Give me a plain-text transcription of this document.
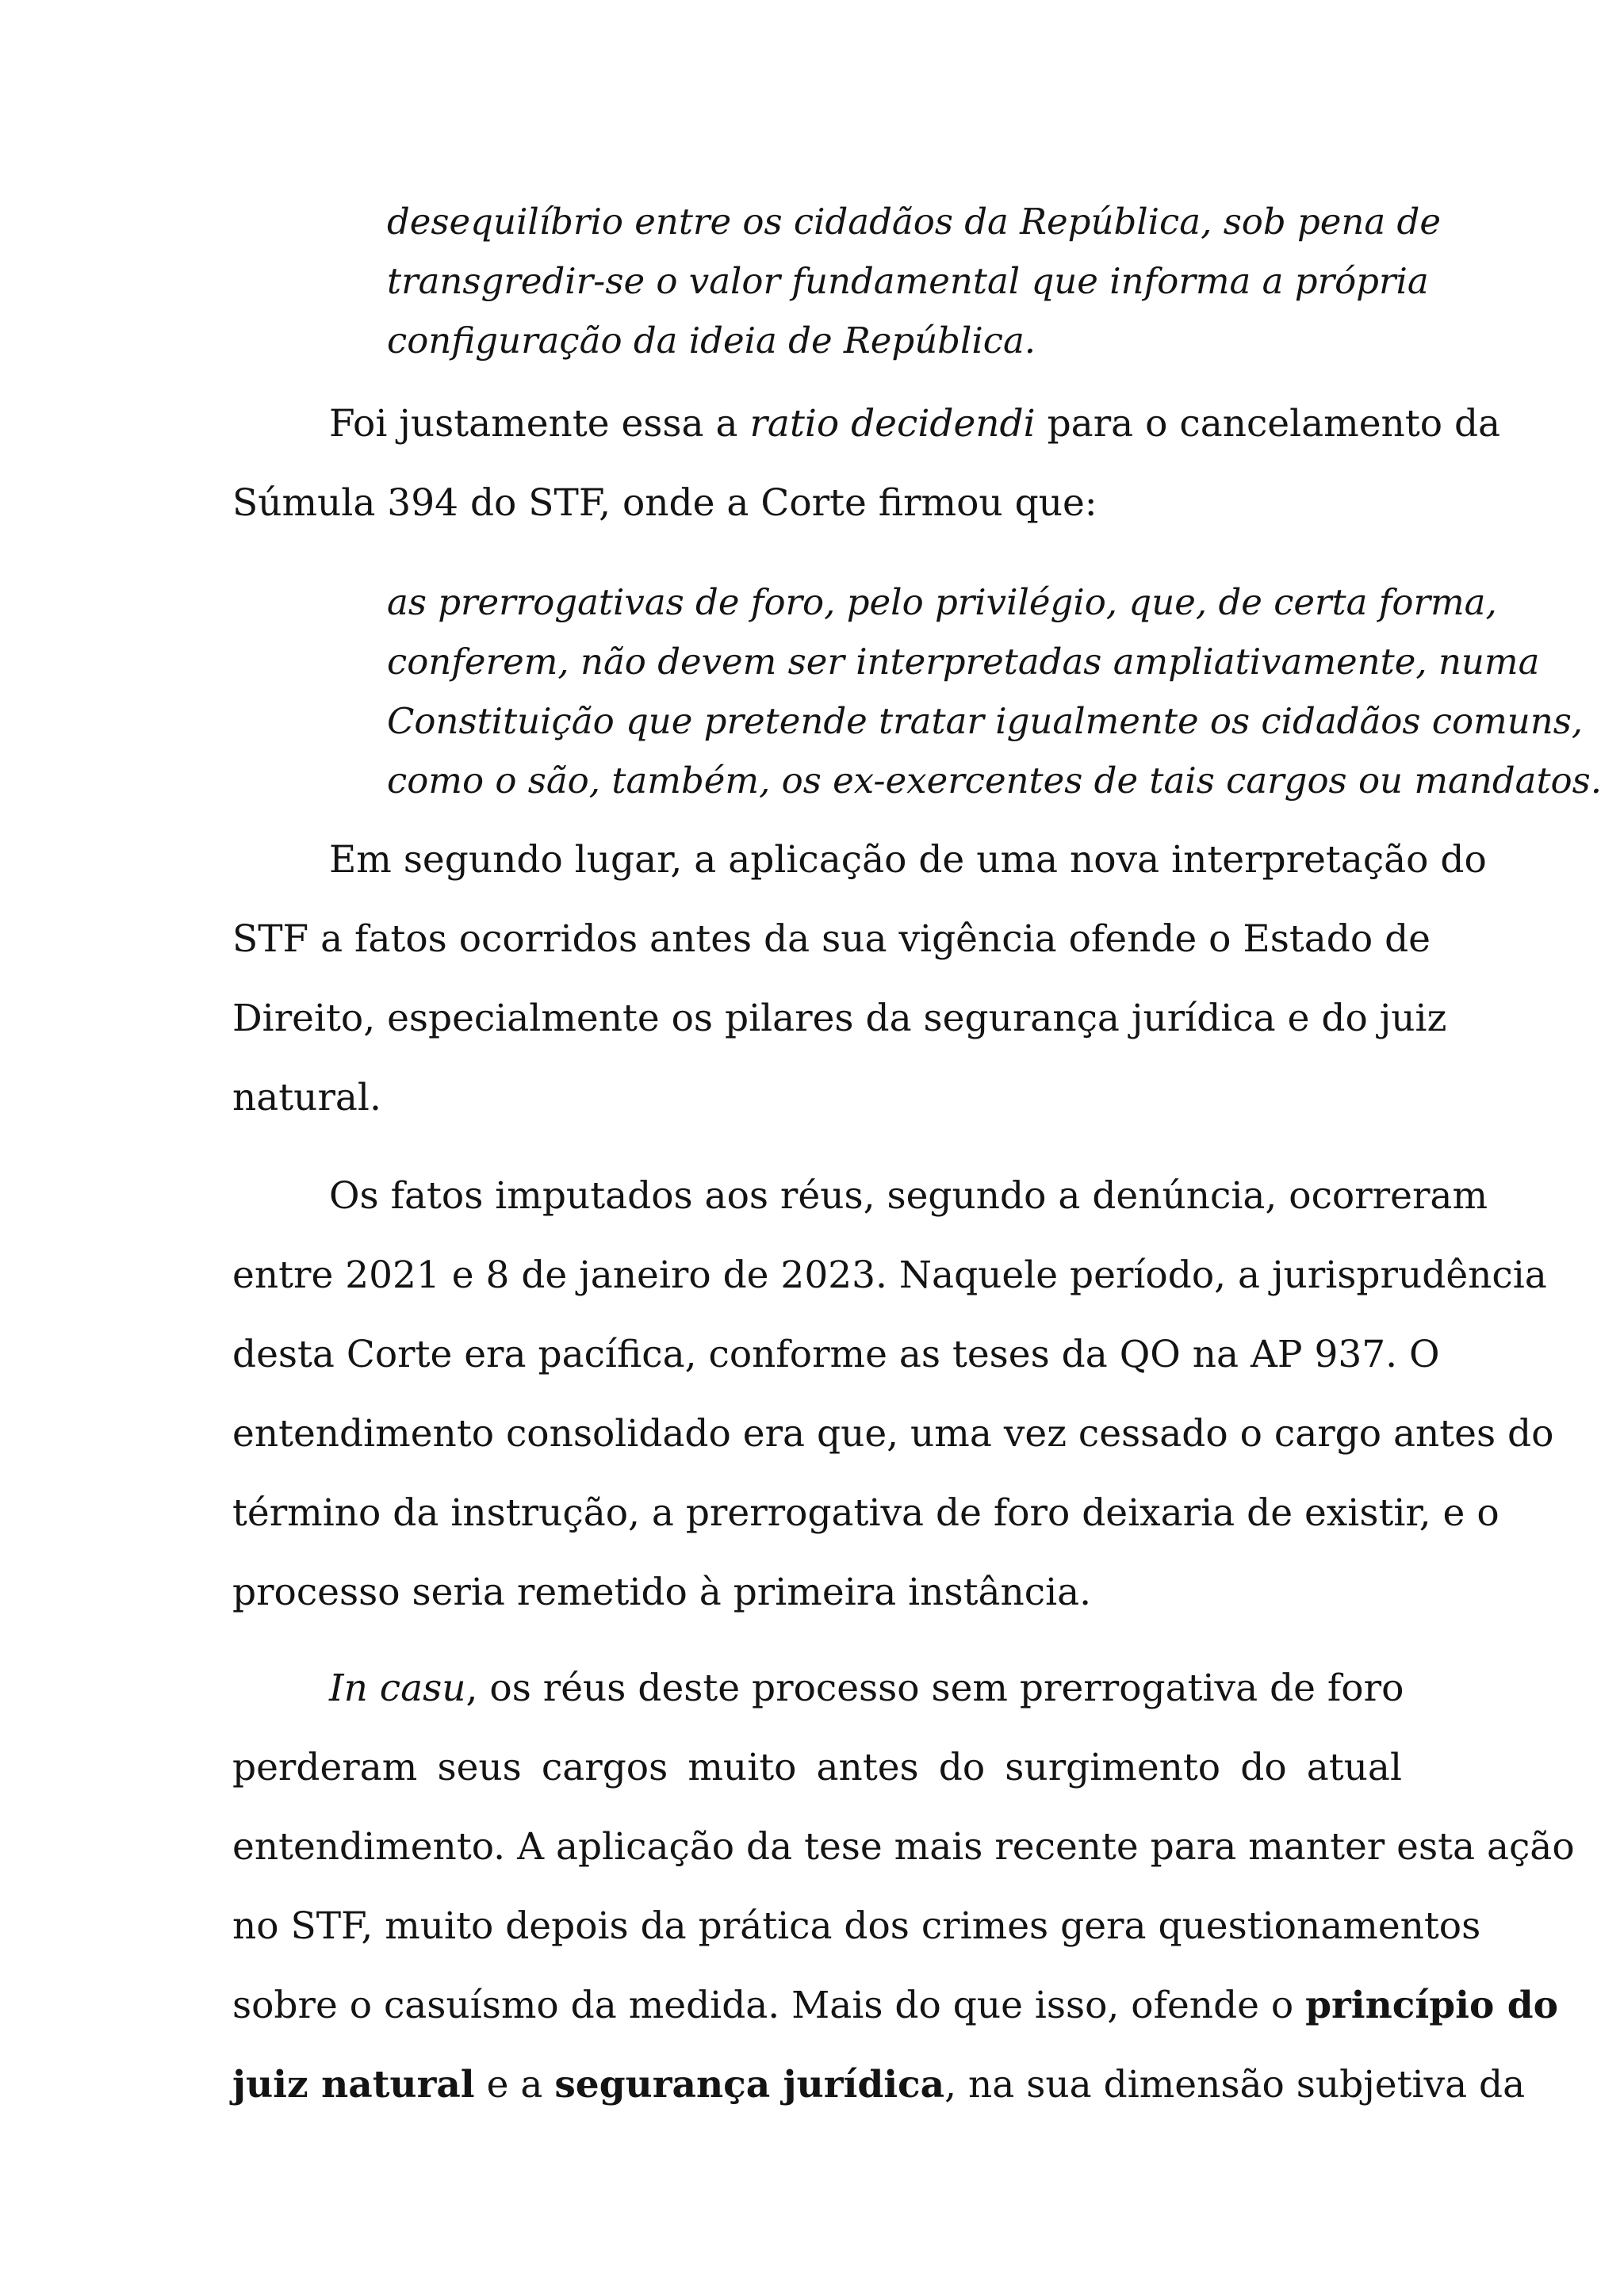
desequilíbrio entre os cidadãos da República, sob pena de
transgredir-se o valor fundamental que informa a própria
configuração da ideia de República.
Foi justamente essa a ratio decidendi para o cancelamento da
Súmula 394 do STF, onde a Corte firmou que:
as prerrogativas de foro, pelo privilégio, que, de certa forma,
conferem, não devem ser interpretadas ampliativamente, numa
Constituição que pretende tratar igualmente os cidadãos comuns,
como o são, também, os ex-exercentes de tais cargos ou mandatos.
Em segundo lugar, a aplicação de uma nova interpretação do
STF a fatos ocorridos antes da sua vigência ofende o Estado de
Direito, especialmente os pilares da segurança jurídica e do juiz
natural.
Os fatos imputados aos réus, segundo a denúncia, ocorreram
entre 2021 e 8 de janeiro de 2023. Naquele período, a jurisprudência
desta Corte era pacífica, conforme as teses da QO na AP 937. O
entendimento consolidado era que, uma vez cessado o cargo antes do
término da instrução, a prerrogativa de foro deixaria de existir, e o
processo seria remetido à primeira instância.
In casu, os réus deste processo sem prerrogativa de foro
perderam seus cargos muito antes do surgimento do atual
entendimento. A aplicação da tese mais recente para manter esta ação
no STF, muito depois da prática dos crimes gera questionamentos
sobre o casuísmo da medida. Mais do que isso, ofende o princípio do
juiz natural e a segurança jurídica, na sua dimensão subjetiva da
